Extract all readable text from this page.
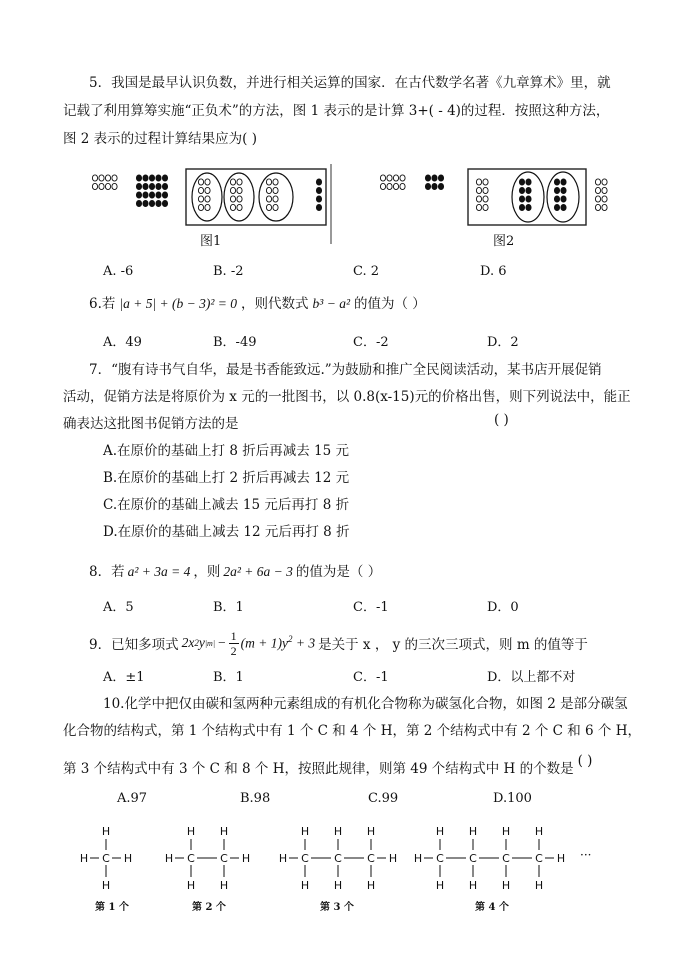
5．我国是最早认识负数，并进行相关运算的国家．在古代数学名著《九章算术》里，就
记载了利用算筹实施“正负术”的方法，图 1 表示的是计算 3+( - 4)的过程．按照这种方法，
图 2 表示的过程计算结果应为( )
图1	图2
A. -6	B. -2	C. 2	D. 6
6.若 |a + 5| + (b − 3)² = 0 ，则代数式 b³ − a² 的值为（ ）
A．49	B．-49	C．-2	D．2
7．“腹有诗书气自华，最是书香能致远.”为鼓励和推广全民阅读活动，某书店开展促销
活动，促销方法是将原价为 x 元的一批图书，以 0.8(x-15)元的价格出售，则下列说法中，能正
确表达这批图书促销方法的是	( )
A.在原价的基础上打 8 折后再减去 15 元
B.在原价的基础上打 2 折后再减去 12 元
C.在原价的基础上减去 15 元后再打 8 折
D.在原价的基础上减去 12 元后再打 8 折
8．若 a² + 3a = 4 ，则 2a² + 6a − 3 的值为是（ ）
A．5	B．1	C．-1	D．0
9．已知多项式 2x 2 y $|m| - \frac{1}{2} (m + 1)y^2 + 3$ 是关于 x ， y 的三次三项式，则 m 的值等于
A．±1	B．1	C．-1	D．以上都不对
10.化学中把仅由碳和氢两种元素组成的有机化合物称为碳氢化合物，如图 2 是部分碳氢
化合物的结构式，第 1 个结构式中有 1 个 C 和 4 个 H，第 2 个结构式中有 2 个 C 和 6 个 H，
第 3 个结构式中有 3 个 C 和 8 个 H，按照此规律，则第 49 个结构式中 H 的个数是 ( )
A.97	B.98	C.99	D.100
H C
H
H
H	H C
H
H
C
H
H
H	H C
H
H
C
H
H
C
H
H
H H C
H
H
C
H
H
C
H
H
C
H
H
H
第 1 个	第 2 个	第 3 个	第 4 个
···
